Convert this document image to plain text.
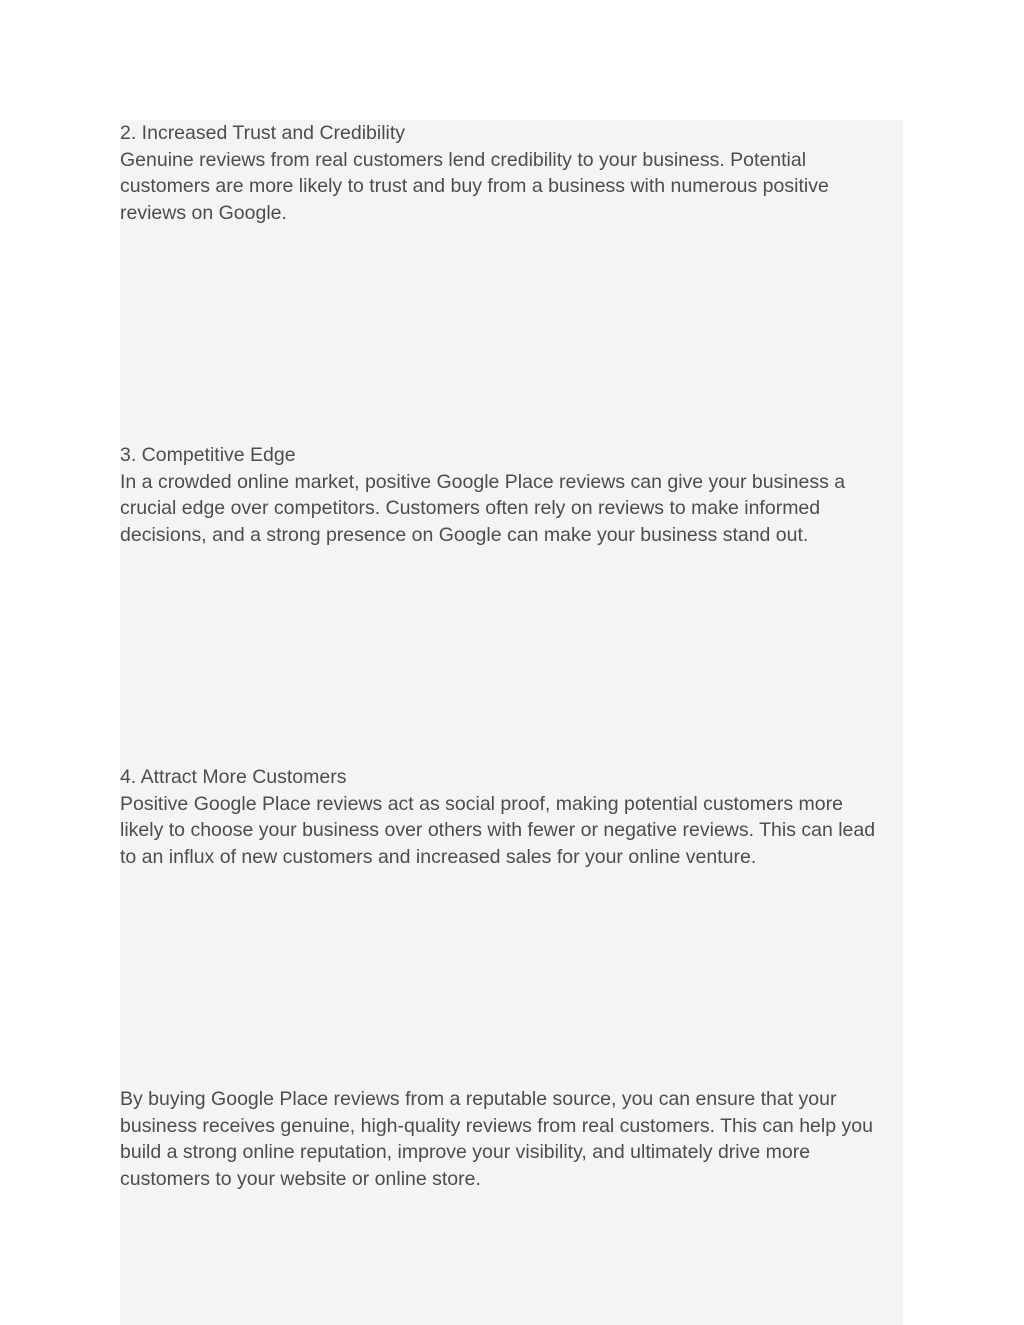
2. Increased Trust and Credibility
Genuine reviews from real customers lend credibility to your business. Potential
customers are more likely to trust and buy from a business with numerous positive
reviews on Google.
3. Competitive Edge
In a crowded online market, positive Google Place reviews can give your business a
crucial edge over competitors. Customers often rely on reviews to make informed
decisions, and a strong presence on Google can make your business stand out.
4. Attract More Customers
Positive Google Place reviews act as social proof, making potential customers more
likely to choose your business over others with fewer or negative reviews. This can lead
to an influx of new customers and increased sales for your online venture.
By buying Google Place reviews from a reputable source, you can ensure that your
business receives genuine, high-quality reviews from real customers. This can help you
build a strong online reputation, improve your visibility, and ultimately drive more
customers to your website or online store.
